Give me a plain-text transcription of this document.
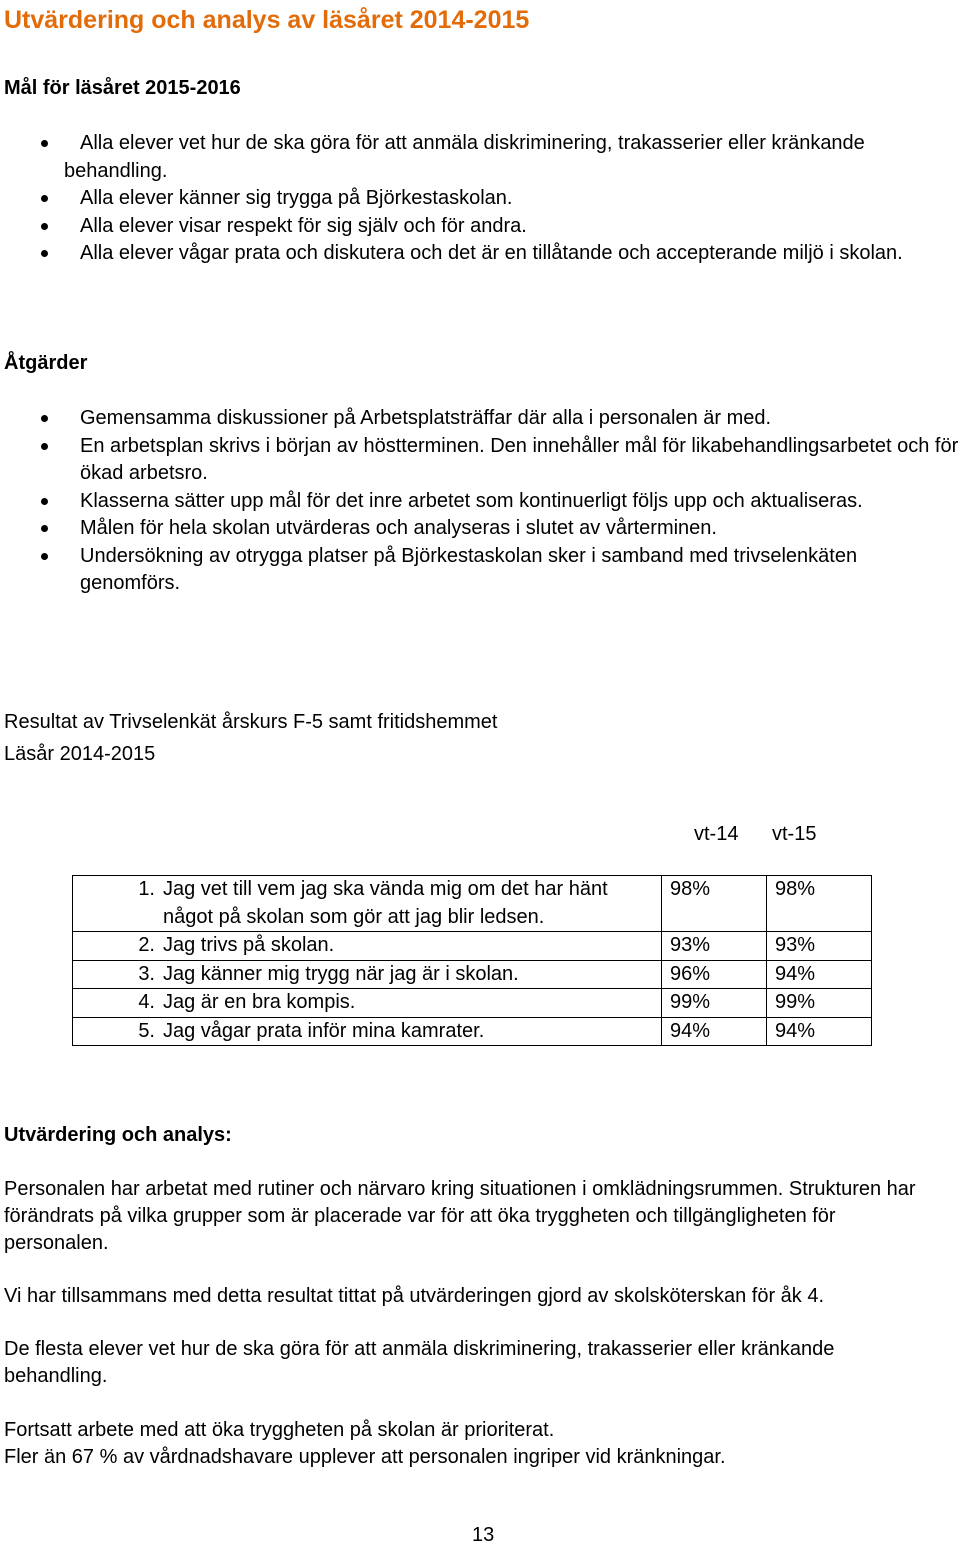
Utvärdering och analys av läsåret 2014-2015
Mål för läsåret 2015-2016
Alla elever vet hur de ska göra för att anmäla diskriminering, trakasserier eller kränkande
behandling.
Alla elever känner sig trygga på Björkestaskolan.
Alla elever visar respekt för sig själv och för andra.
Alla elever vågar prata och diskutera och det är en tillåtande och accepterande miljö i skolan.
Åtgärder
Gemensamma diskussioner på Arbetsplatsträffar där alla i personalen är med.
En arbetsplan skrivs i början av höstterminen. Den innehåller mål för likabehandlingsarbetet och för ökad arbetsro.
Klasserna sätter upp mål för det inre arbetet som kontinuerligt följs upp och aktualiseras.
Målen för hela skolan utvärderas och analyseras i slutet av vårterminen.
Undersökning av otrygga platser på Björkestaskolan sker i samband med trivselenkäten genomförs.

Resultat av Trivselenkät årskurs F-5 samt fritidshemmet

Läsår 2014-2015

vt-14 vt-15
1. Jag vet till vem jag ska vända mig om det har hänt något på skolan som gör att jag blir ledsen.	98%	98%

2. Jag trivs på skolan.	93%	93%

3. Jag känner mig trygg när jag är i skolan.	96%	94%

4. Jag är en bra kompis.	99%	99%

5. Jag vågar prata inför mina kamrater.	94%	94%
Utvärdering och analys:

Personalen har arbetat med rutiner och närvaro kring situationen i omklädningsrummen. Strukturen har förändrats på vilka grupper som är placerade var för att öka tryggheten och tillgängligheten för personalen.

Vi har tillsammans med detta resultat tittat på utvärderingen gjord av skolsköterskan för åk 4.

De flesta elever vet hur de ska göra för att anmäla diskriminering, trakasserier eller kränkande behandling.

Fortsatt arbete med att öka tryggheten på skolan är prioriterat.

Fler än 67 % av vårdnadshavare upplever att personalen ingriper vid kränkningar.

13
